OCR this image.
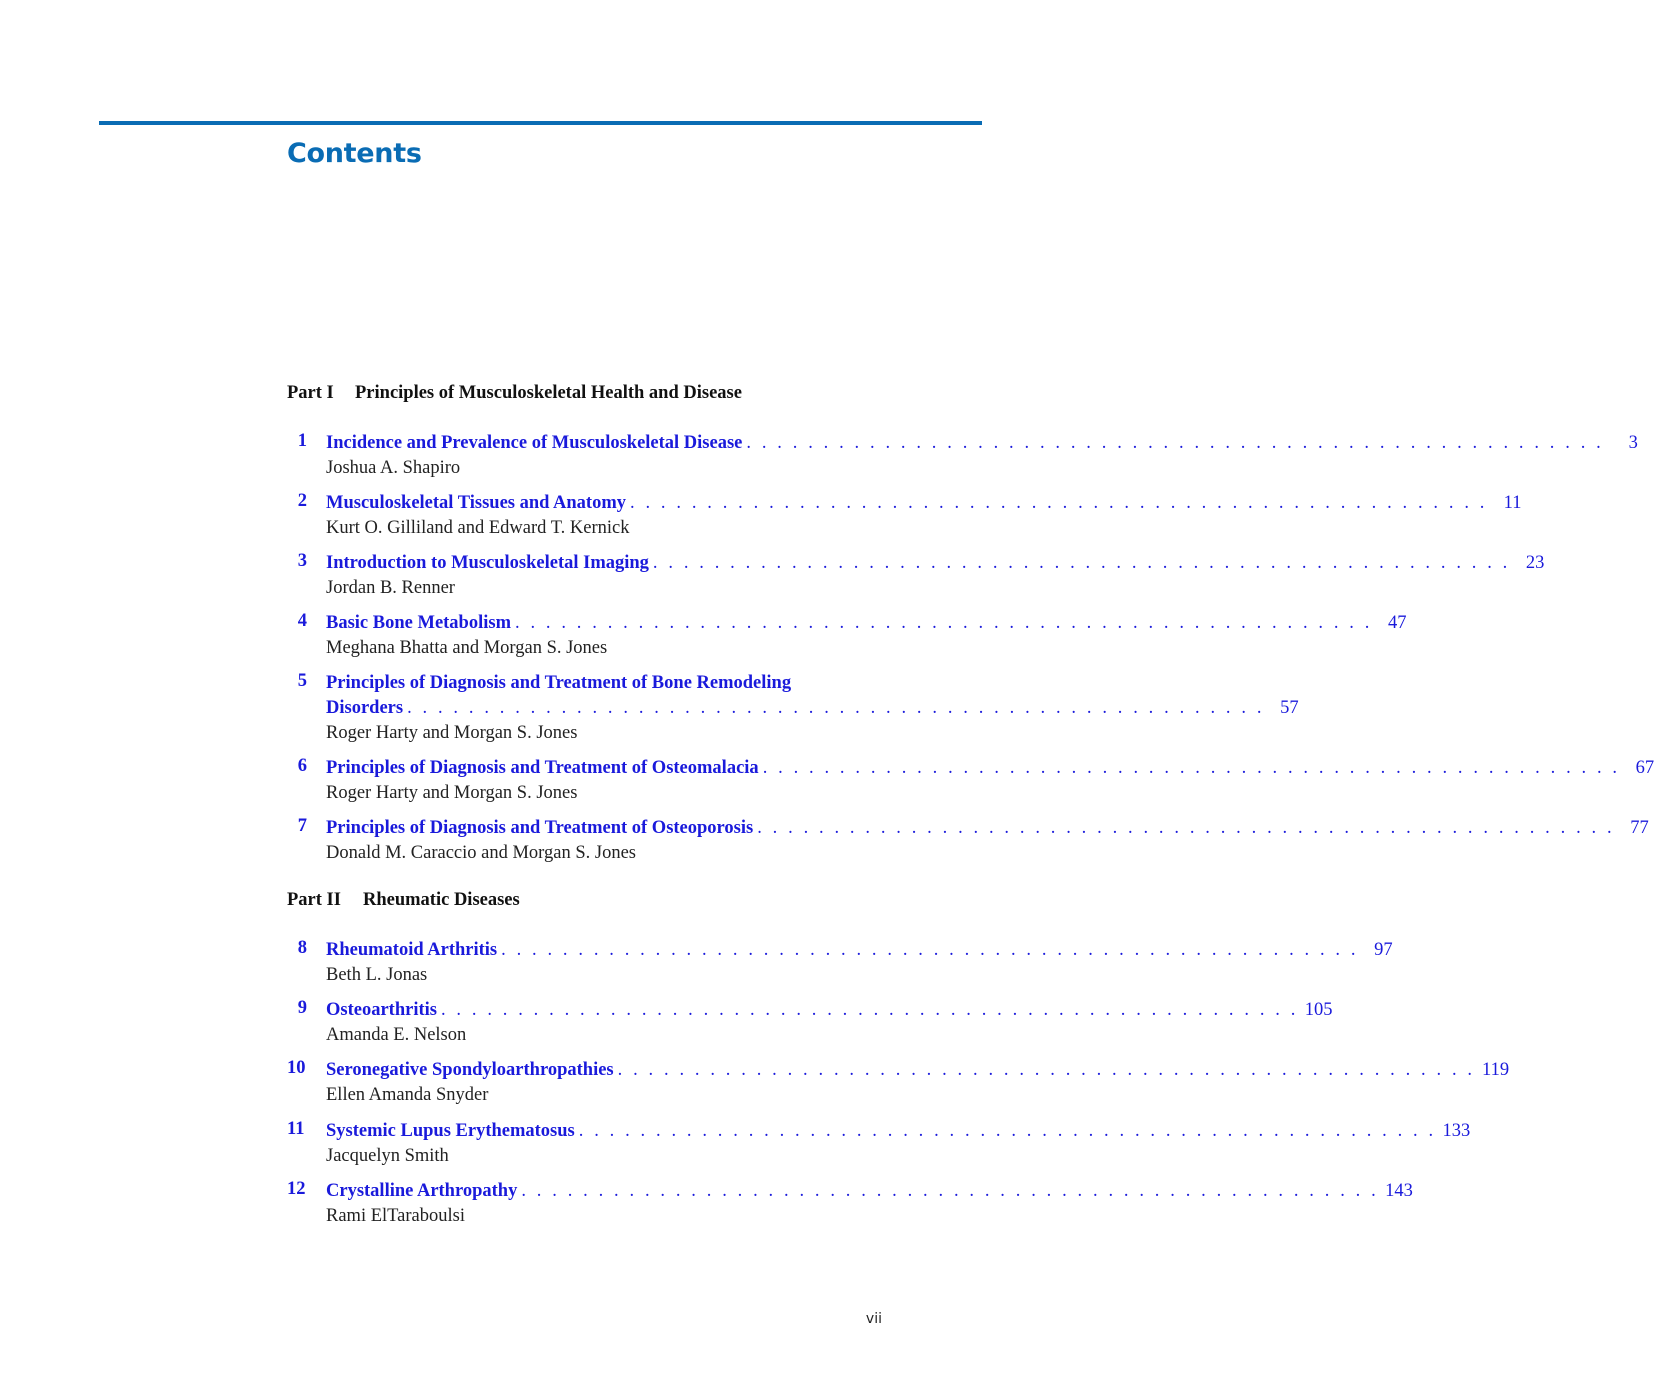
Contents
Part I Principles of Musculoskeletal Health and Disease
1 Incidence and Prevalence of Musculoskeletal Disease . . . . . . . . . . . . . . . . . . . . . . . . . . . . . . . . . . . . . . . . . . . . . . . . . . . . . . . .	3
Joshua A. Shapiro
2 Musculoskeletal Tissues and Anatomy . . . . . . . . . . . . . . . . . . . . . . . . . . . . . . . . . . . . . . . . . . . . . . . . . . . . . . . . 11
Kurt O. Gilliland and Edward T. Kernick
3 Introduction to Musculoskeletal Imaging . . . . . . . . . . . . . . . . . . . . . . . . . . . . . . . . . . . . . . . . . . . . . . . . . . . . . . . . 23
Jordan B. Renner
4 Basic Bone Metabolism . . . . . . . . . . . . . . . . . . . . . . . . . . . . . . . . . . . . . . . . . . . . . . . . . . . . . . . . 47
Meghana Bhatta and Morgan S. Jones
5 Principles of Diagnosis and Treatment of Bone Remodeling
Disorders . . . . . . . . . . . . . . . . . . . . . . . . . . . . . . . . . . . . . . . . . . . . . . . . . . . . . . . . 57
Roger Harty and Morgan S. Jones
6 Principles of Diagnosis and Treatment of Osteomalacia . . . . . . . . . . . . . . . . . . . . . . . . . . . . . . . . . . . . . . . . . . . . . . . . . . . . . . . . 67
Roger Harty and Morgan S. Jones
7 Principles of Diagnosis and Treatment of Osteoporosis . . . . . . . . . . . . . . . . . . . . . . . . . . . . . . . . . . . . . . . . . . . . . . . . . . . . . . . . 77
Donald M. Caraccio and Morgan S. Jones
Part II Rheumatic Diseases
8 Rheumatoid Arthritis . . . . . . . . . . . . . . . . . . . . . . . . . . . . . . . . . . . . . . . . . . . . . . . . . . . . . . . . 97
Beth L. Jonas
9 Osteoarthritis . . . . . . . . . . . . . . . . . . . . . . . . . . . . . . . . . . . . . . . . . . . . . . . . . . . . . . . . 105
Amanda E. Nelson
10 Seronegative Spondyloarthropathies . . . . . . . . . . . . . . . . . . . . . . . . . . . . . . . . . . . . . . . . . . . . . . . . . . . . . . . . 119
Ellen Amanda Snyder
11 Systemic Lupus Erythematosus . . . . . . . . . . . . . . . . . . . . . . . . . . . . . . . . . . . . . . . . . . . . . . . . . . . . . . . . 133
Jacquelyn Smith
12 Crystalline Arthropathy . . . . . . . . . . . . . . . . . . . . . . . . . . . . . . . . . . . . . . . . . . . . . . . . . . . . . . . . 143
Rami ElTaraboulsi
vii
